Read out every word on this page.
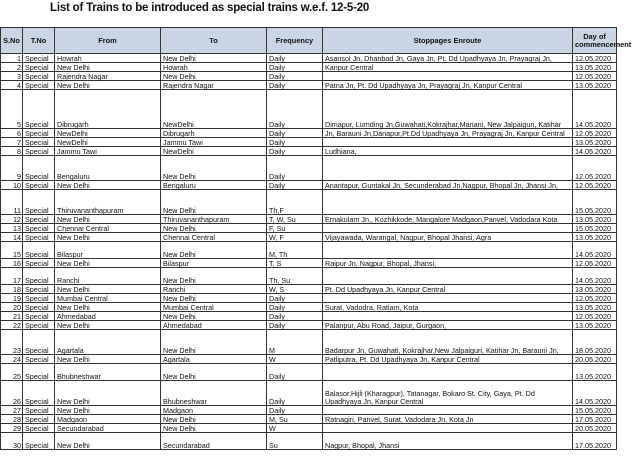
List of Trains to be introduced as special trains w.e.f. 12-5-20
S.No	T.No	From	To	Frequency	Stoppages Enroute	Day of commencement
1	Special	Howrah	New Delhi	Daily	Asansol Jn, Dhanbad Jn, Gaya Jn, Pt. Dd Upadhyaya Jn, Prayagraj Jn,	12.05.2020
2	Special	New Delhi	Howrah	Daily	Kanpur Central	13.05.2020
3	Special	Rajendra Nagar	New Delhi	Daily		12.05.2020
4	Special	New Delhi	Rajendra Nagar	Daily	Patna Jn, Pt. Dd Upadhyaya Jn, Prayagraj Jn, Kanpur Central	13.05.2020
5	Special	Dibrugarh	NewDelhi	Daily	Dimapur, Lumding Jn,Guwahati,Kokrajhar,Mariani, New Jalpaiguri, Katihar	14.05.2020
6	Special	NewDelhi	Dibrugarh	Daily	Jn, Barauni Jn,Danapur,Pt.Dd Upadhyaya Jn, Prayagraj Jn, Kanpur Central	12.05.2020
7	Special	NewDelhi	Jammu Tawi	Daily		13.05.2020
8	Special	Jammu Tawi	NewDelhi	Daily	Ludhiana,	14.05.2020
9	Special	Bengaluru	New Delhi	Daily		12.05.2020
10	Special	New Delhi	Bengaluru	Daily	Anantapur, Guntakal Jn, Secunderabad Jn,Nagpur, Bhopal Jn, Jhansi Jn,	12.05.2020
11	Special	Thiruvananthapuram	New Delhi	Th,F		15.05.2020
12	Special	New Delhi	Thiruvananthapuram	T, W, Su	Ernakulam Jn,, Kozhikkode, Mangalore Madgaon,Panvel, Vadodara Kota	13.05.2020
13	Special	Chennai Central	New Delhi	F, Su		15.05.2020
14	Special	New Delhi	Chennai Central	W, F	Vijayawada, Warangal, Nagpur, Bhopal Jhansi, Agra	13.05.2020
15	Special	Bilaspur	New Delhi	M, Th		14.05.2020
16	Special	New Delhi	Bilaspur	T, S	Raipur Jn, Nagpur, Bhopal, Jhansi,	12.05.2020
17	Special	Ranchi	New Delhi	Th, Su		14.05.2020
18	Special	New Delhi	Ranchi	W, S	Pt. Dd Upadhyaya Jn, Kanpur Central	13.05.2020
19	Special	Mumbai Central	New Delhi	Daily		12.05.2020
20	Special	New Delhi	Mumbai Central	Daily	Surat, Vadodra, Ratlam, Kota	13.05.2020
21	Special	Ahmedabad	New Delhi	Daily		12.05.2020
22	Special	New Delhi	Ahmedabad	Daily	Palanpur, Abu Road, Jaipur, Gurgaon,	13.05.2020
23	Special	Agartala	New Delhi	M	Badarpur Jn, Guwahati, Kokrajhar,New Jalpaiguri, Katihar Jn, Barauni Jn,	18.05.2020
24	Special	New Delhi	Agartala	W	Patliputra, Pt. Dd Upadhyaya Jn, Kanpur Central	20.05.2020
25	Special	Bhubneshwar	New Delhi	Daily		13.05.2020
26	Special	New Delhi	Bhubneshwar	Daily	Balasor,Hijli (Kharagpur), Tatanagar, Bokaro St. City, Gaya, Pt. Dd Upadhyaya Jn, Kanpur Central	14.05.2020
27	Special	New Delhi	Madgaon	Daily		15.05.2020
28	Special	Madgaon	New Delhi	M, Su	Ratnagiri, Panvel, Surat, Vadodara Jn, Kota Jn	17.05.2020
29	Special	Secundarabad	New Delhi	W		20.05.2020
30	Special	New Delhi	Secundarabad	Su	Nagpur, Bhopal, Jhansi	17.05.2020
